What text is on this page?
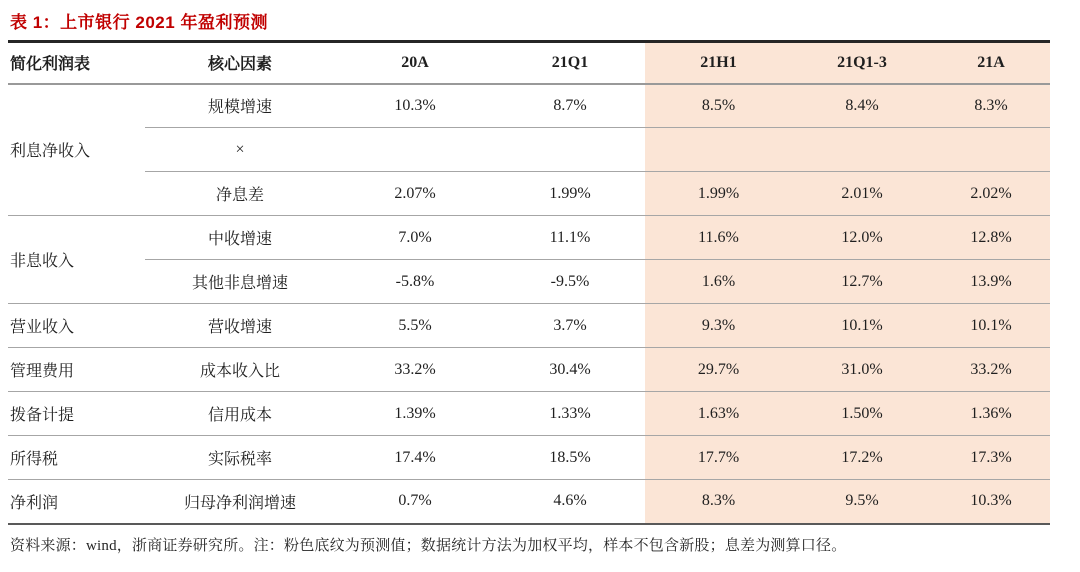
表 1：上市银行 2021 年盈利预测
简化利润表	核心因素	20A	21Q1	21H1	21Q1-3	21A
利息净收入	规模增速	10.3%	8.7%	8.5%	8.4%	8.3%
	×					
	净息差	2.07%	1.99%	1.99%	2.01%	2.02%
非息收入	中收增速	7.0%	11.1%	11.6%	12.0%	12.8%
	其他非息增速	-5.8%	-9.5%	1.6%	12.7%	13.9%
营业收入	营收增速	5.5%	3.7%	9.3%	10.1%	10.1%
管理费用	成本收入比	33.2%	30.4%	29.7%	31.0%	33.2%
拨备计提	信用成本	1.39%	1.33%	1.63%	1.50%	1.36%
所得税	实际税率	17.4%	18.5%	17.7%	17.2%	17.3%
净利润	归母净利润增速	0.7%	4.6%	8.3%	9.5%	10.3%
资料来源：wind，浙商证券研究所。注：粉色底纹为预测值；数据统计方法为加权平均，样本不包含新股；息差为测算口径。
